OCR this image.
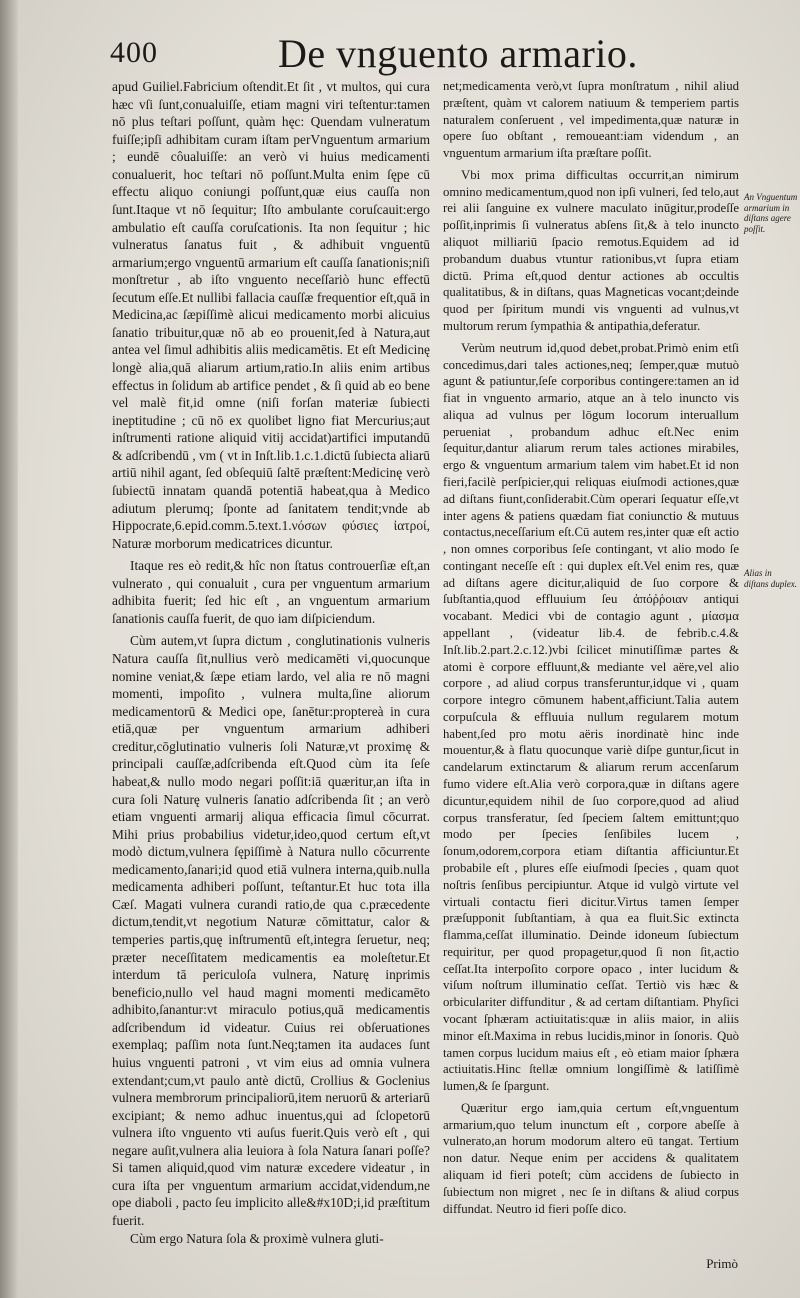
400	De vnguento armario.

apud Guiliel.Fabricium oſtendit.Et ſit , vt multos, qui cura hæc vſi ſunt,conualuiſſe, etiam magni viri teſtentur:tamen nō plus teſtari poſſunt, quàm hęc: Quendam vulneratum fuiſſe;ipſi adhibitam curam iſtam perVnguentum armarium ; eundē côualuiſſe: an verò vi huius medicamenti conualuerit, hoc teſtari nō poſſunt.Multa enim ſępe cū effectu aliquo coniungi poſſunt,quæ eius cauſſa non ſunt.Itaque vt nō ſequitur; Iſto ambulante coruſcauit:ergo ambulatio eſt cauſſa coruſcationis. Ita non ſequitur ; hic vulneratus ſanatus fuit , & adhibuit vnguentū armarium;ergo vnguentū armarium eſt cauſſa ſanationis;niſi monſtretur , ab iſto vnguento neceſſariò hunc effectū ſecutum eſſe.Et nullibi fallacia cauſſæ frequentior eſt,quā in Medicina,ac ſæpiſſimè alicui medicamento morbi alicuius ſanatio tribuitur,quæ nō ab eo prouenit,ſed à Natura,aut antea vel ſimul adhibitis aliis medicamētis. Et eſt Medicinę longè alia,quā aliarum artium,ratio.In aliis enim artibus effectus in ſolidum ab artifice pendet , & ſi quid ab eo bene vel malè fit,id omne (niſi forſan materiæ ſubiecti ineptitudine ; cū nō ex quolibet ligno fiat Mercurius;aut inſtrumenti ratione aliquid vitij accidat)artifici imputandū & adſcribendū , vm ( vt in Inſt.lib.1.c.1.dictū ſubiecta aliarū artiū nihil agant, ſed obſequiū ſaltē præſtent:Medicinę verò ſubiectū innatam quandā potentiā habeat,qua à Medico adiutum plerumq; ſponte ad ſanitatem tendit;vnde ab Hippocrate,6.epid.comm.5.text.1.νόσων φύσιες ἰατροί, Naturæ morborum medicatrices dicuntur.

Itaque res eò redit,& hîc non ſtatus controuerſiæ eſt,an vulnerato , qui conualuit , cura per vnguentum armarium adhibita fuerit; ſed hic eſt , an vnguentum armarium ſanationis cauſſa fuerit, de quo iam diſpiciendum.

Cùm autem,vt ſupra dictum , conglutinationis vulneris Natura cauſſa ſit,nullius verò medicamēti vi,quocunque nomine veniat,& ſæpe etiam lardo, vel alia re nō magni momenti, impoſito , vulnera multa,ſine aliorum medicamentorū & Medici ope, ſanētur:proptereà in cura etiā,quæ per vnguentum armarium adhiberi creditur,cōglutinatio vulneris ſoli Naturæ,vt proximę & principali cauſſæ,adſcribenda eſt.Quod cùm ita ſeſe habeat,& nullo modo negari poſſit:iā quæritur,an iſta in cura ſoli Naturę vulneris ſanatio adſcribenda ſit ; an verò etiam vnguenti armarij aliqua efficacia ſimul cōcurrat. Mihi prius probabilius videtur,ideo,quod certum eſt,vt modò dictum,vulnera ſępiſſimè à Natura nullo cōcurrente medicamento,ſanari;id quod etiā vulnera interna,quib.nulla medicamenta adhiberi poſſunt, teſtantur.Et huc tota illa Cæſ. Magati vulnera curandi ratio,de qua c.præcedente dictum,tendit,vt negotium Naturæ cōmittatur, calor & temperies partis,quę inſtrumentū eſt,integra ſeruetur, neq; præter neceſſitatem medicamentis ea moleſtetur.Et interdum tā periculoſa vulnera, Naturę inprimis beneficio,nullo vel haud magni momenti medicamēto adhibito,ſanantur:vt miraculo potius,quā medicamentis adſcribendum id videatur. Cuius rei obſeruationes exemplaq; paſſim nota ſunt.Neq;tamen ita audaces ſunt huius vnguenti patroni , vt vim eius ad omnia vulnera extendant;cum,vt paulo antè dictū, Crollius & Goclenius vulnera membrorum principaliorū,item neruorū & arteriarū excipiant; & nemo adhuc inuentus,qui ad ſclopetorū vulnera iſto vnguento vti auſus fuerit.Quis verò eſt , qui negare auſit,vulnera alia leuiora à ſola Natura ſanari poſſe?Si tamen aliquid,quod vim naturæ excedere videatur , in cura iſta per vnguentum armarium accidat,videndum,ne ope diaboli , pacto ſeu implicito alle&#x10D;i,id præſtitum fuerit.

Cùm ergo Natura ſola & proximè vulnera gluti-

net;medicamenta verò,vt ſupra monſtratum , nihil aliud præſtent, quàm vt calorem natiuum & temperiem partis naturalem conſeruent , vel impedimenta,quæ naturæ in opere ſuo obſtant , remoueant:iam videndum , an vnguentum armarium iſta præſtare poſſit.

Vbi mox prima difficultas occurrit,an nimirum omnino medicamentum,quod non ipſi vulneri, ſed telo,aut rei alii ſanguine ex vulnere maculato inūgitur,prodeſſe poſſit,inprimis ſi vulneratus abſens ſit,& à telo inuncto aliquot milliariū ſpacio remotus.Equidem ad id probandum duabus vtuntur rationibus,vt ſupra etiam dictū. Prima eſt,quod dentur actiones ab occultis qualitatibus, & in diſtans, quas Magneticas vocant;deinde quod per ſpiritum mundi vis vnguenti ad vulnus,vt multorum rerum ſympathia & antipathia,deferatur.

Verùm neutrum id,quod debet,probat.Primò enim etſi concedimus,dari tales actiones,neq; ſemper,quæ mutuò agunt & patiuntur,ſeſe corporibus contingere:tamen an id fiat in vnguento armario, atque an à telo inuncto vis aliqua ad vulnus per lōgum locorum interuallum perueniat , probandum adhuc eſt.Nec enim ſequitur,dantur aliarum rerum tales actiones mirabiles, ergo & vnguentum armarium talem vim habet.Et id non fieri,facilè perſpicier,qui reliquas eiuſmodi actiones,quæ ad diſtans fiunt,conſiderabit.Cùm operari ſequatur eſſe,vt inter agens & patiens quædam fiat coniunctio & mutuus contactus,neceſſarium eſt.Cū autem res,inter quæ eſt actio , non omnes corporibus ſeſe contingant, vt alio modo ſe contingant neceſſe eſt : qui duplex eſt.Vel enim res, quæ ad diſtans agere dicitur,aliquid de ſuo corpore & ſubſtantia,quod effluuium ſeu ἀπόῤῥοιαν antiqui vocabant. Medici vbi de contagio agunt , μίασμα appellant , (videatur lib.4. de febrib.c.4.& Inſt.lib.2.part.2.c.12.)vbi ſcilicet minutiſſimæ partes & atomi è corpore effluunt,& mediante vel aëre,vel alio corpore , ad aliud corpus transferuntur,idque vi , quam corpore integro cōmunem habent,afficiunt.Talia autem corpuſcula & effluuia nullum regularem motum habent,ſed pro motu aëris inordinatè hinc inde mouentur,& à flatu quocunque variè diſpe guntur,ſicut in candelarum extinctarum & aliarum rerum accenſarum fumo videre eſt.Alia verò corpora,quæ in diſtans agere dicuntur,equidem nihil de ſuo corpore,quod ad aliud corpus transferatur, ſed ſpeciem ſaltem emittunt;quo modo per ſpecies ſenſibiles lucem , ſonum,odorem,corpora etiam diſtantia afficiuntur.Et probabile eſt , plures eſſe eiuſmodi ſpecies , quam quot noſtris ſenſibus percipiuntur. Atque id vulgò virtute vel virtuali contactu fieri dicitur.Virtus tamen ſemper præſupponit ſubſtantiam, à qua ea fluit.Sic extincta flamma,ceſſat illuminatio. Deinde idoneum ſubiectum requiritur, per quod propagetur,quod ſi non ſit,actio ceſſat.Ita interpoſito corpore opaco , inter lucidum & viſum noſtrum illuminatio ceſſat. Tertiò vis hæc & orbiculariter diffunditur , & ad certam diſtantiam. Phyſici vocant ſphæram actiuitatis:quæ in aliis maior, in aliis minor eſt.Maxima in rebus lucidis,minor in ſonoris. Quò tamen corpus lucidum maius eſt , eò etiam maior ſphæra actiuitatis.Hinc ſtellæ omnium longiſſimè & latiſſimè lumen,& ſe ſpargunt.

Quæritur ergo iam,quia certum eſt,vnguentum armarium,quo telum inunctum eſt , corpore abeſſe à vulnerato,an horum modorum altero eū tangat. Tertium non datur. Neque enim per accidens & qualitatem aliquam id fieri poteſt; cùm accidens de ſubiecto in ſubiectum non migret , nec ſe in diſtans & aliud corpus diffundat. Neutro id fieri poſſe dico.

An Vnguentum armarium in diſtans agere poſſit.
Alias in diſtans duplex.
Primò
